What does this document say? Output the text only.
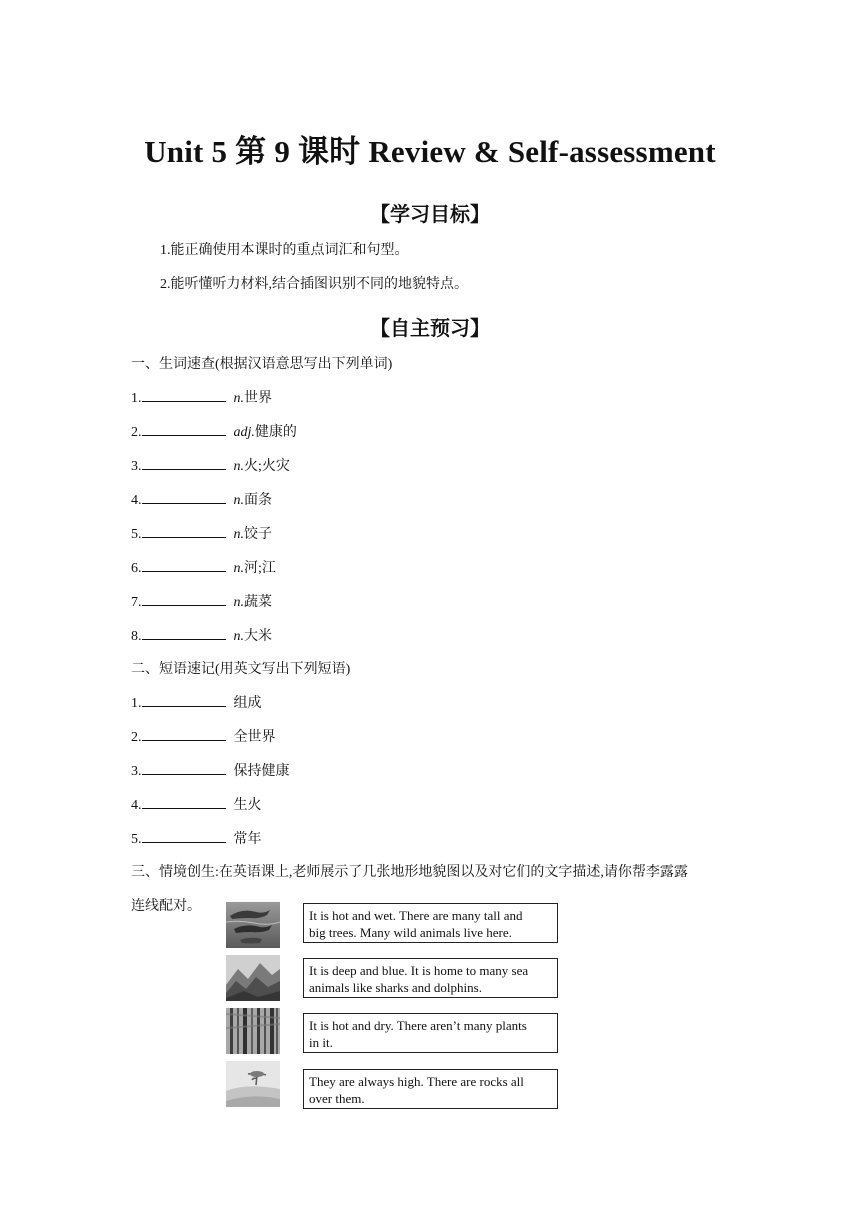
Unit 5 第 9 课时 Review & Self-assessment
【学习目标】
1.能正确使用本课时的重点词汇和句型。
2.能听懂听力材料,结合插图识别不同的地貌特点。
【自主预习】
一、生词速查(根据汉语意思写出下列单词)
1.	n.世界
2.	adj.健康的
3.	n.火;火灾
4.	n.面条
5.	n.饺子
6.	n.河;江
7.	n.蔬菜
8.	n.大米
二、短语速记(用英文写出下列短语)
1.	组成
2.	全世界
3.	保持健康
4.	生火
5.	常年
三、情境创生:在英语课上,老师展示了几张地形地貌图以及对它们的文字描述,请你帮李露露
连线配对。
It is hot and wet. There are many tall and
big trees. Many wild animals live here.
It is deep and blue. It is home to many sea
animals like sharks and dolphins.
It is hot and dry. There aren’t many plants
in it.
They are always high. There are rocks all
over them.
